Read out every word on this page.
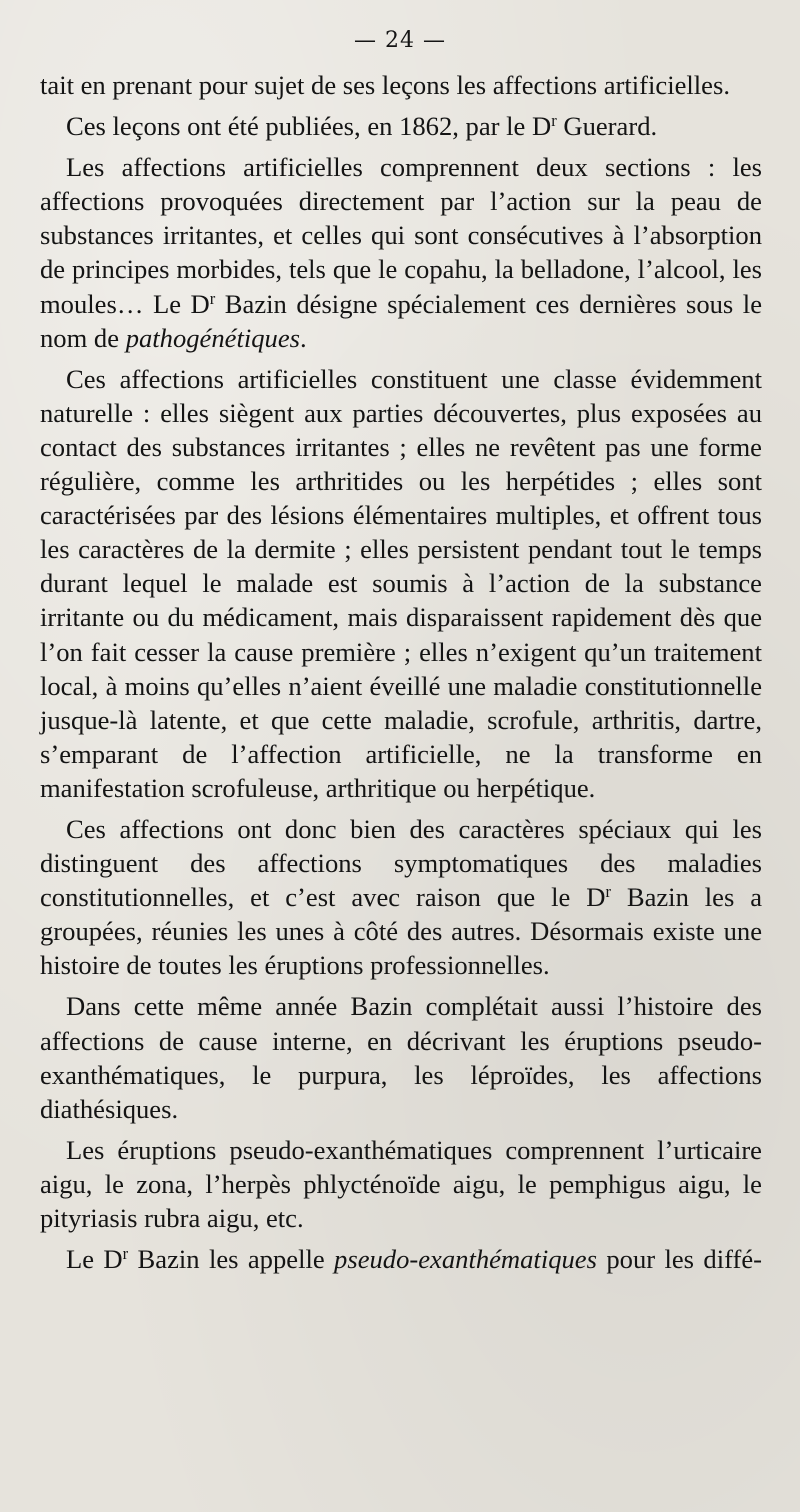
— 24 —

tait en prenant pour sujet de ses leçons les affections artificielles.

Ces leçons ont été publiées, en 1862, par le $D^r$ Guerard.

Les affections artificielles comprennent deux sections : les affections provoquées directement par l’action sur la peau de substances irritantes, et celles qui sont consécutives à l’absorption de principes morbides, tels que le copahu, la belladone, l’alcool, les moules… Le $D^r$ Bazin désigne spécialement ces dernières sous le nom de pathogénétiques.

Ces affections artificielles constituent une classe évidemment naturelle : elles siègent aux parties découvertes, plus exposées au contact des substances irritantes ; elles ne revêtent pas une forme régulière, comme les arthritides ou les herpétides ; elles sont caractérisées par des lésions élémentaires multiples, et offrent tous les caractères de la dermite ; elles persistent pendant tout le temps durant lequel le malade est soumis à l’action de la substance irritante ou du médicament, mais disparaissent rapidement dès que l’on fait cesser la cause première ; elles n’exigent qu’un traitement local, à moins qu’elles n’aient éveillé une maladie constitutionnelle jusque-là latente, et que cette maladie, scrofule, arthritis, dartre, s’emparant de l’affection artificielle, ne la transforme en manifestation scrofuleuse, arthritique ou herpétique.

Ces affections ont donc bien des caractères spéciaux qui les distinguent des affections symptomatiques des maladies constitutionnelles, et c’est avec raison que le $D^r$ Bazin les a groupées, réunies les unes à côté des autres. Désormais existe une histoire de toutes les éruptions professionnelles.

Dans cette même année Bazin complétait aussi l’histoire des affections de cause interne, en décrivant les éruptions pseudo-exanthématiques, le purpura, les léproïdes, les affections diathésiques.

Les éruptions pseudo-exanthématiques comprennent l’urticaire aigu, le zona, l’herpès phlycténoïde aigu, le pemphigus aigu, le pityriasis rubra aigu, etc.

Le $D^r$ Bazin les appelle pseudo-exanthématiques pour les diffé-
